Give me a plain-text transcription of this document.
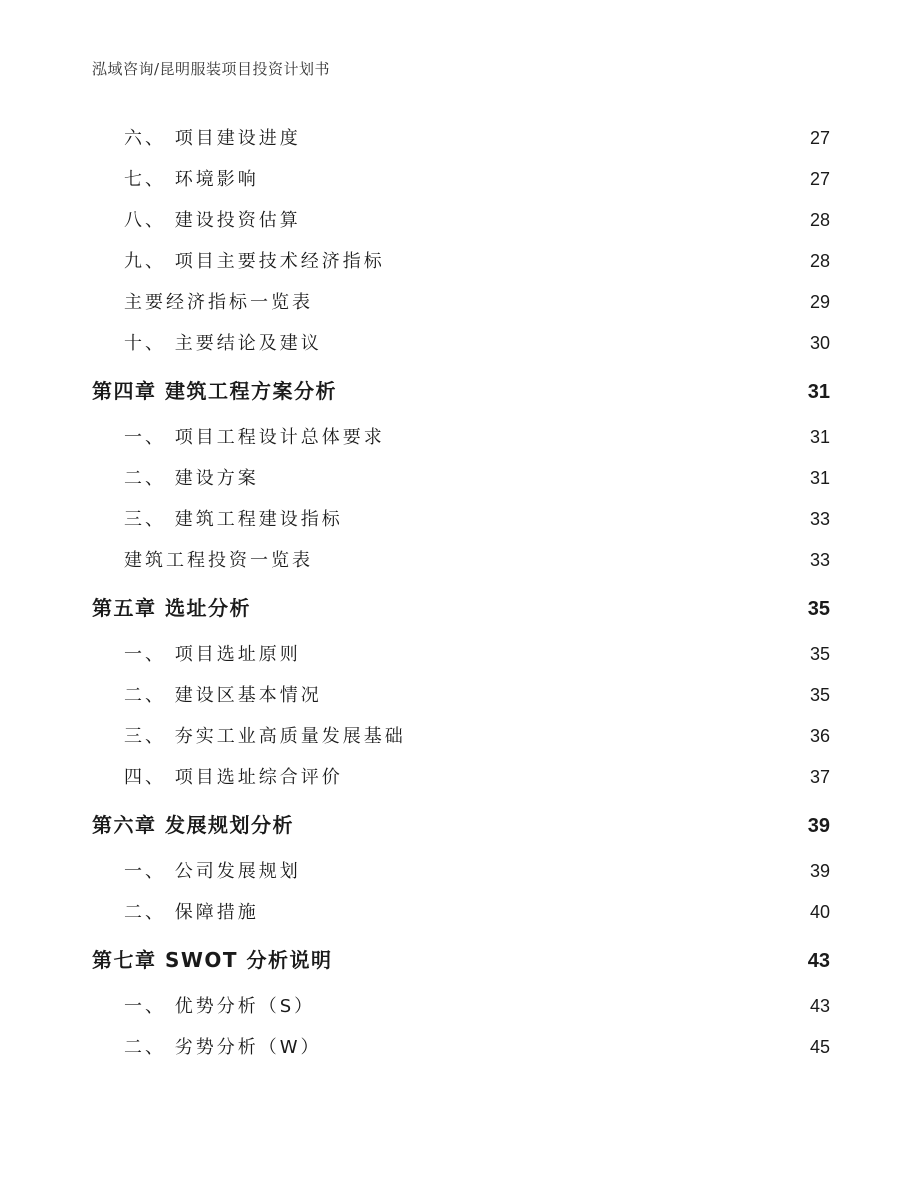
泓域咨询/昆明服装项目投资计划书
六、 项目建设进度	27
七、 环境影响	27
八、 建设投资估算	28
九、 项目主要技术经济指标	28
主要经济指标一览表	29
十、 主要结论及建议	30
第四章 建筑工程方案分析	31
一、 项目工程设计总体要求	31
二、 建设方案	31
三、 建筑工程建设指标	33
建筑工程投资一览表	33
第五章 选址分析	35
一、 项目选址原则	35
二、 建设区基本情况	35
三、 夯实工业高质量发展基础	36
四、 项目选址综合评价	37
第六章 发展规划分析	39
一、 公司发展规划	39
二、 保障措施	40
第七章 SWOT 分析说明	43
一、 优势分析（S）	43
二、 劣势分析（W）	45
